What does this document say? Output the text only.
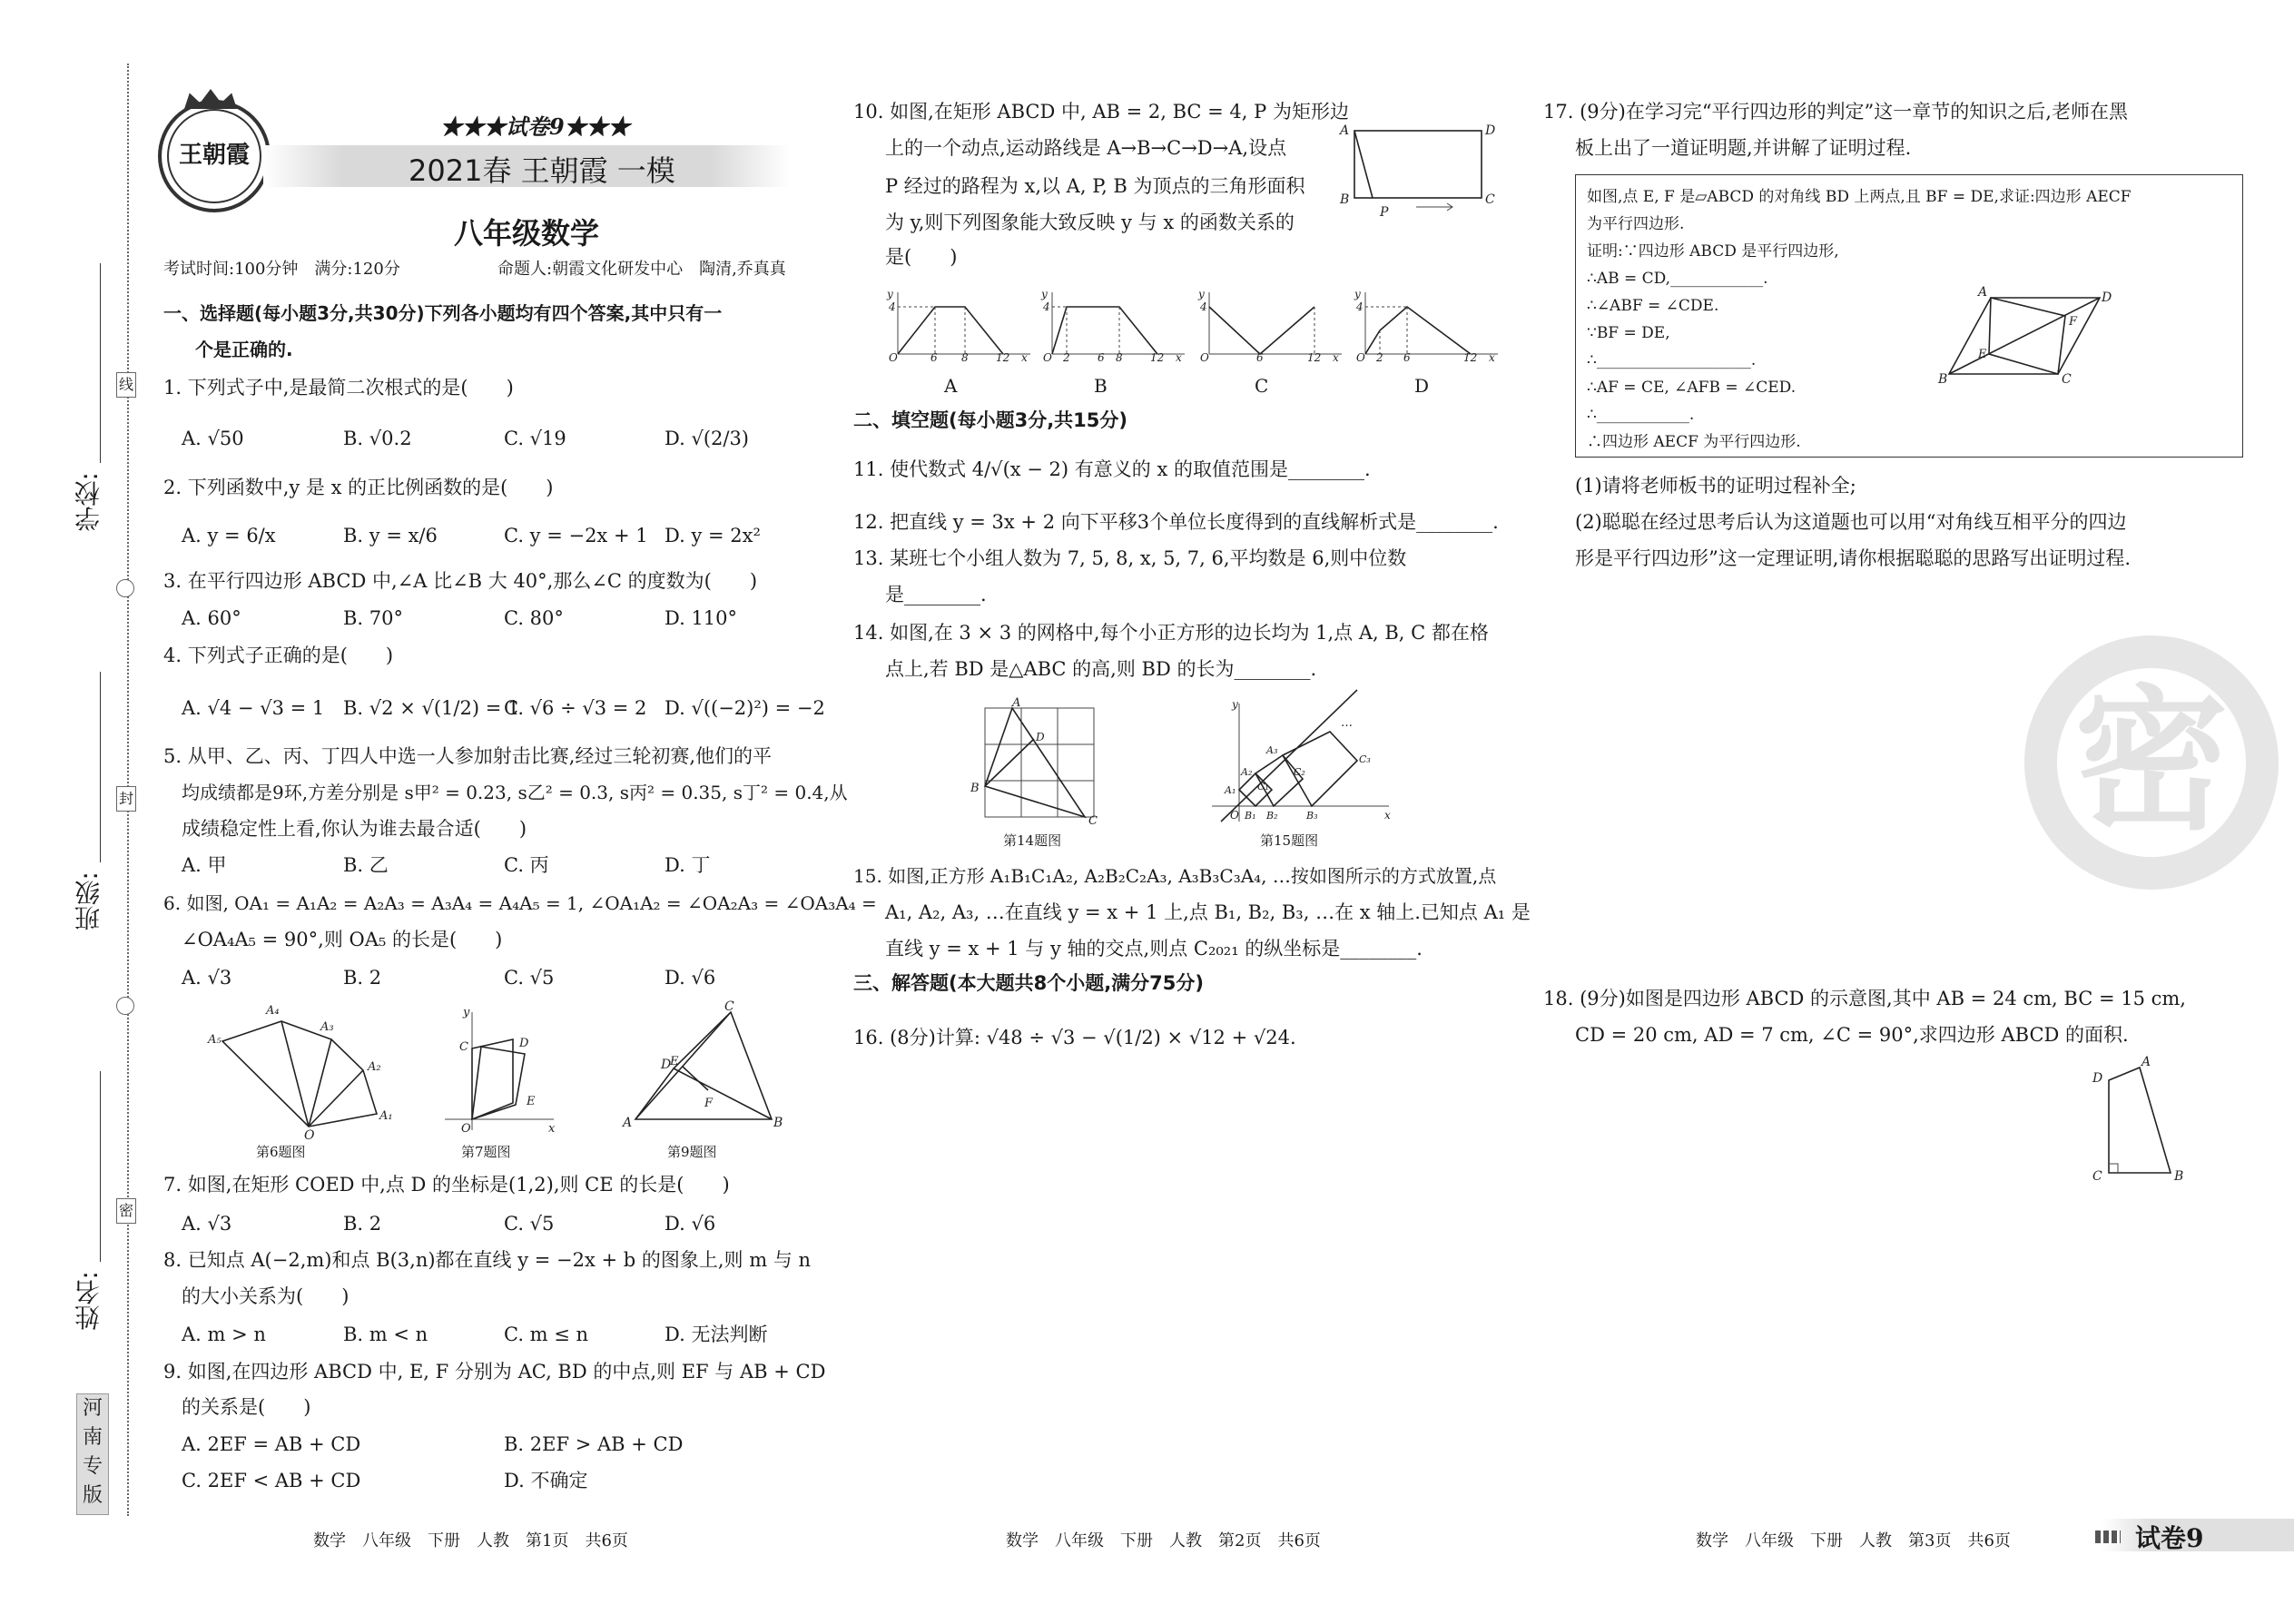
学校:
班级:
姓名:
线
封
密
河
南
专
版
王朝霞
★★★试卷9★★★
2021春 王朝霞 一模
八年级数学
考试时间:100分钟　满分:120分	命题人:朝霞文化研发中心　陶清,乔真真
一、选择题(每小题3分,共30分)下列各小题均有四个答案,其中只有一
个是正确的.
1. 下列式子中,是最简二次根式的是(　　)
A. √50	B. √0.2	C. √19	D. √(2/3)
2. 下列函数中,y 是 x 的正比例函数的是(　　)
A. y = 6/x	B. y = x/6	C. y = −2x + 1 D. y = 2x²
3. 在平行四边形 ABCD 中,∠A 比∠B 大 40°,那么∠C 的度数为(　　)
A. 60°	B. 70°	C. 80°	D. 110°
4. 下列式子正确的是(　　)
A. √4 − √3 = 1 B. √2 × √(1/2) = 1
C. √6 ÷ √3 = 2 D. √((−2)²) = −2
5. 从甲、乙、丙、丁四人中选一人参加射击比赛,经过三轮初赛,他们的平
均成绩都是9环,方差分别是 s甲² = 0.23, s乙² = 0.3, s丙² = 0.35, s丁² = 0.4,从
成绩稳定性上看,你认为谁去最合适(　　)
A. 甲	B. 乙	C. 丙	D. 丁
6. 如图, OA₁ = A₁A₂ = A₂A₃ = A₃A₄ = A₄A₅ = 1, ∠OA₁A₂ = ∠OA₂A₃ = ∠OA₃A₄ =
∠OA₄A₅ = 90°,则 OA₅ 的长是(　　)
A. √3	B. 2	C. √5	D. √6
O
A₁
A₂
A₃
A₄
A₅
第6题图
O
C	D
E
x
y
第7题图
A	B
C
D
E
F
第9题图
7. 如图,在矩形 COED 中,点 D 的坐标是(1,2),则 CE 的长是(　　)
A. √3	B. 2	C. √5	D. √6
8. 已知点 A(−2,m)和点 B(3,n)都在直线 y = −2x + b 的图象上,则 m 与 n
的大小关系为(　　)
A. m > n	B. m < n	C. m ≤ n	D. 无法判断
9. 如图,在四边形 ABCD 中, E, F 分别为 AC, BD 的中点,则 EF 与 AB + CD
的关系是(　　)
A. 2EF = AB + CD	B. 2EF > AB + CD
C. 2EF < AB + CD	D. 不确定
10. 如图,在矩形 ABCD 中, AB = 2, BC = 4, P 为矩形边
上的一个动点,运动路线是 A→B→C→D→A,设点
P 经过的路程为 x,以 A, P, B 为顶点的三角形面积
为 y,则下列图象能大致反映 y 与 x 的函数关系的
是(　　)
A	D
B	C
P
4
y
O	6 8	12 x
A
4
y
O 2	6 8	12 x
B
4
y
O	6	12 x
C
4
y
O 2 6	12 x
D
二、填空题(每小题3分,共15分)
11. 使代数式 4/√(x − 2) 有意义的 x 的取值范围是________.
12. 把直线 y = 3x + 2 向下平移3个单位长度得到的直线解析式是________.
13. 某班七个小组人数为 7, 5, 8, x, 5, 7, 6,平均数是 6,则中位数
是________.
14. 如图,在 3 × 3 的网格中,每个小正方形的边长均为 1,点 A, B, C 都在格
点上,若 BD 是△ABC 的高,则 BD 的长为________.
A
B
C
D
第14题图
y
x
O B₁ B₂	B₃
A₁
A₂
A₃
C₁
C₂
C₃
…
第15题图
15. 如图,正方形 A₁B₁C₁A₂, A₂B₂C₂A₃, A₃B₃C₃A₄, …按如图所示的方式放置,点
A₁, A₂, A₃, …在直线 y = x + 1 上,点 B₁, B₂, B₃, …在 x 轴上.已知点 A₁ 是
直线 y = x + 1 与 y 轴的交点,则点 C₂₀₂₁ 的纵坐标是________.
三、解答题(本大题共8个小题,满分75分)
16. (8分)计算: √48 ÷ √3 − √(1/2) × √12 + √24.
17. (9分)在学习完“平行四边形的判定”这一章节的知识之后,老师在黑
板上出了一道证明题,并讲解了证明过程.
如图,点 E, F 是▱ABCD 的对角线 BD 上两点,且 BF = DE,求证:四边形 AECF
为平行四边形.
证明:∵四边形 ABCD 是平行四边形,
∴AB = CD,____________.
∴∠ABF = ∠CDE.
∵BF = DE,
∴____________________.
∴AF = CE, ∠AFB = ∠CED.
∴____________.
∴四边形 AECF 为平行四边形.
A	D
B	C
E
F
(1)请将老师板书的证明过程补全;
(2)聪聪在经过思考后认为这道题也可以用“对角线互相平分的四边
形是平行四边形”这一定理证明,请你根据聪聪的思路写出证明过程.
密
18. (9分)如图是四边形 ABCD 的示意图,其中 AB = 24 cm, BC = 15 cm,
CD = 20 cm, AD = 7 cm, ∠C = 90°,求四边形 ABCD 的面积.
A
D
C	B
数学　八年级　下册　人教　第1页　共6页	数学　八年级　下册　人教　第2页　共6页	数学　八年级　下册　人教　第3页　共6页	试卷9
